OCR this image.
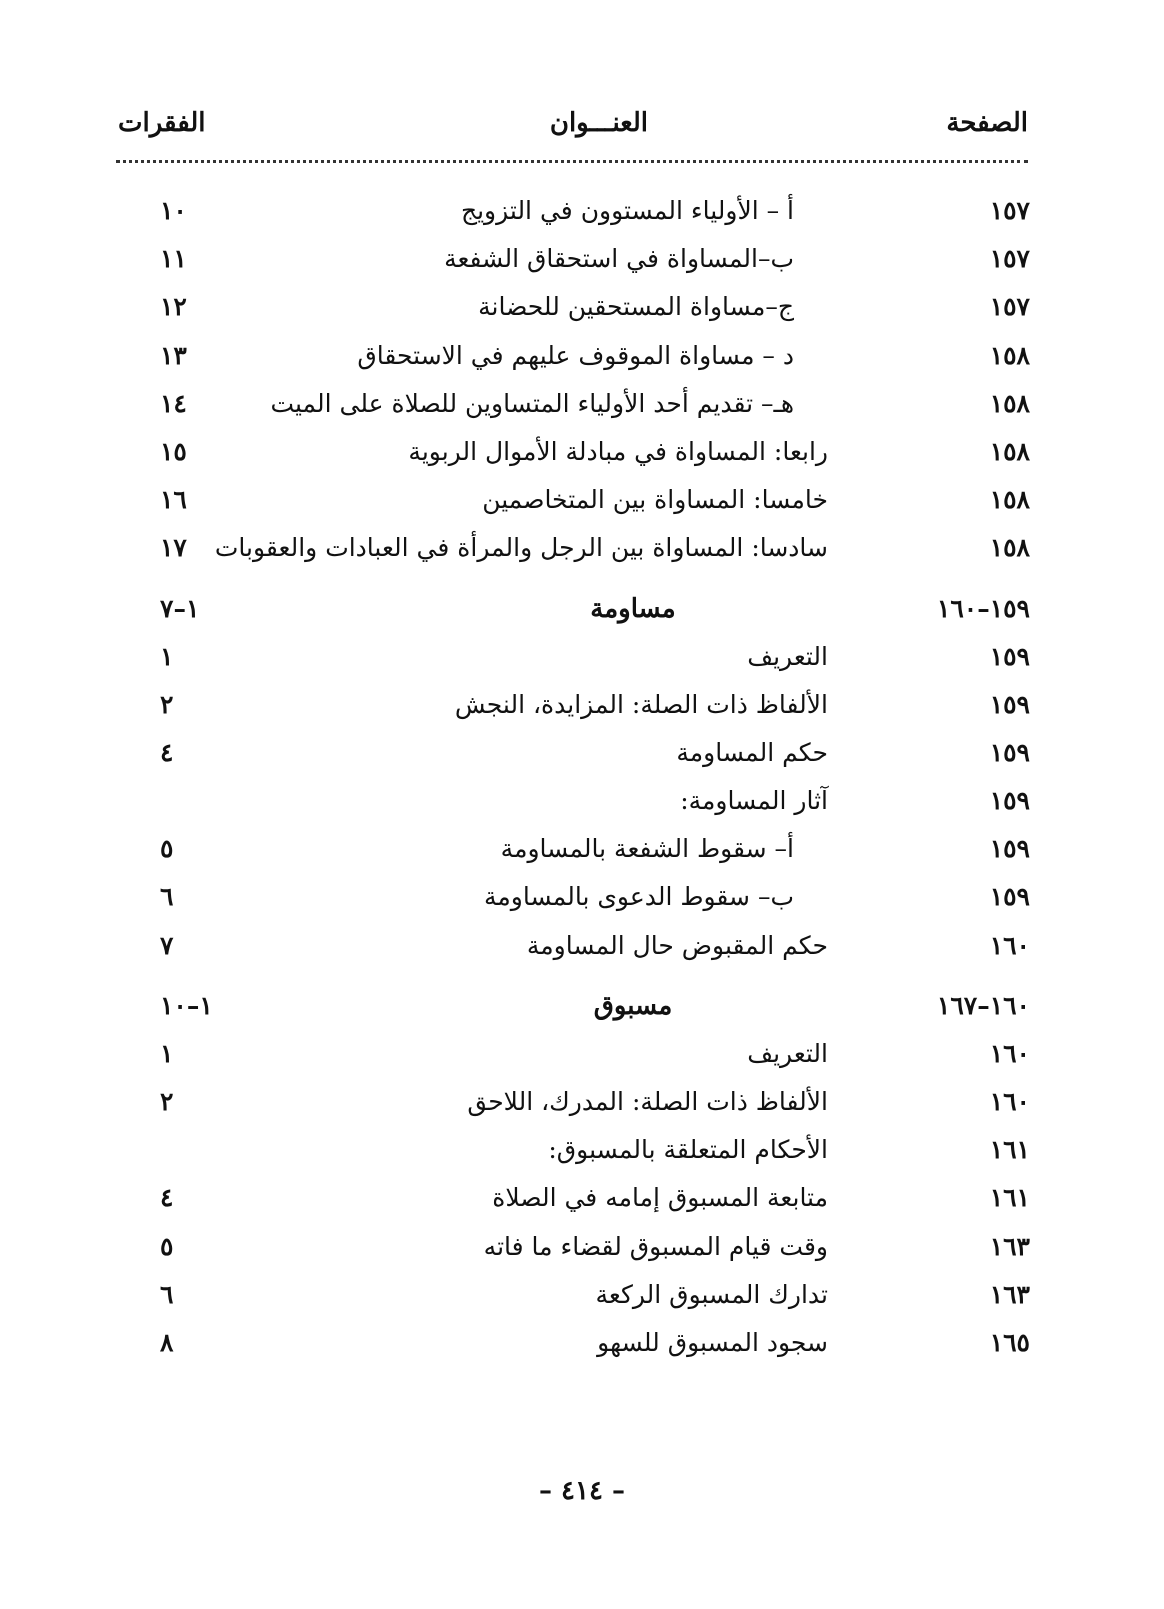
الصفحة
العنـــوان
الفقرات
١٥٧
أ – الأولياء المستوون في التزويج
١٠
١٥٧
ب–المساواة في استحقاق الشفعة
١١
١٥٧
ج–مساواة المستحقين للحضانة
١٢
١٥٨
د – مساواة الموقوف عليهم في الاستحقاق
١٣
١٥٨
هـ– تقديم أحد الأولياء المتساوين للصلاة على الميت
١٤
١٥٨
رابعا: المساواة في مبادلة الأموال الربوية
١٥
١٥٨
خامسا: المساواة بين المتخاصمين
١٦
١٥٨
سادسا: المساواة بين الرجل والمرأة في العبادات والعقوبات
١٧
١٥٩–١٦٠
مساومة
١–٧
١٥٩
التعريف
١
١٥٩
الألفاظ ذات الصلة: المزايدة، النجش
٢
١٥٩
حكم المساومة
٤
١٥٩
آثار المساومة:
١٥٩
أ– سقوط الشفعة بالمساومة
٥
١٥٩
ب– سقوط الدعوى بالمساومة
٦
١٦٠
حكم المقبوض حال المساومة
٧
١٦٠–١٦٧
مسبوق
١–١٠
١٦٠
التعريف
١
١٦٠
الألفاظ ذات الصلة: المدرك، اللاحق
٢
١٦١
الأحكام المتعلقة بالمسبوق:
١٦١
متابعة المسبوق إمامه في الصلاة
٤
١٦٣
وقت قيام المسبوق لقضاء ما فاته
٥
١٦٣
تدارك المسبوق الركعة
٦
١٦٥
سجود المسبوق للسهو
٨
– ٤١٤ –
